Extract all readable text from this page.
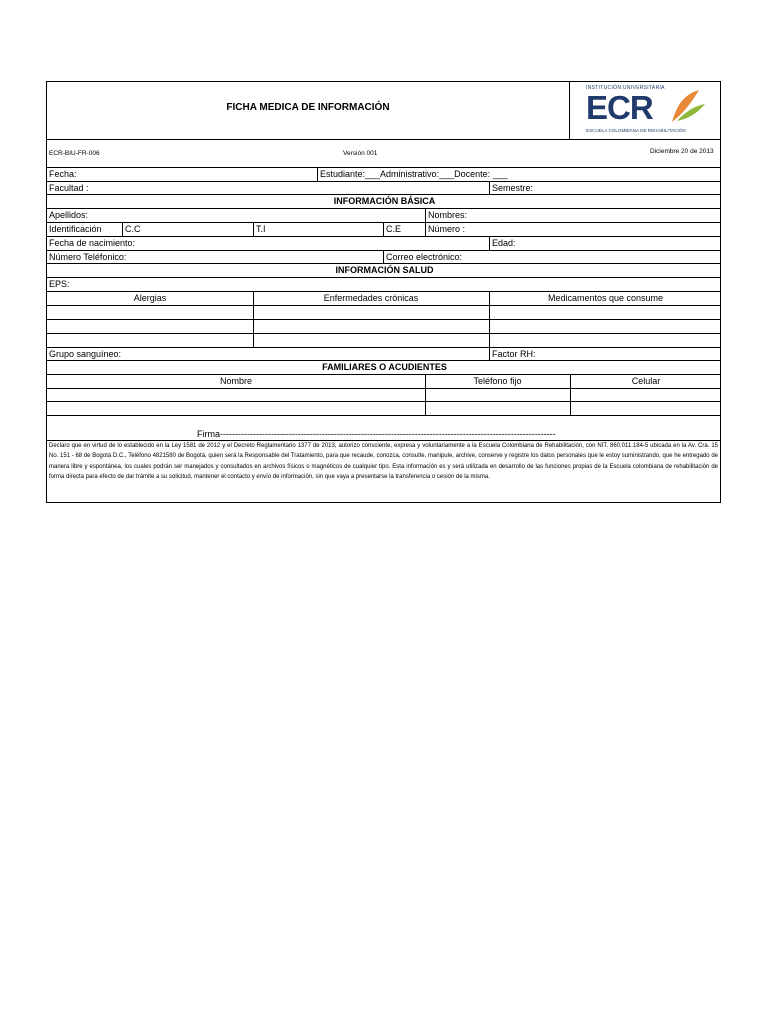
FICHA MEDICA DE INFORMACIÓN
INSTITUCIÓN UNIVERSITARIA
ECR
ESCUELA COLOMBIANA DE REHABILITACIÓN
ECR-BIU-FR-006	Versión 001	Diciembre 20 de 2013
Fecha:	Estudiante:___Administrativo:___Docente: ___
Facultad :	Semestre:
INFORMACIÓN BÁSICA
Apellidos:	Nombres:
Identificación	C.C	T.I	C.E	Número :
Fecha de nacimiento:	Edad:
Número Teléfonico:	Correo electrónico:
INFORMACIÓN SALUD
EPS:
Alergias	Enfermedades crónicas	Medicamentos que consume
Grupo sanguíneo:	Factor RH:
FAMILIARES O ACUDIENTES
Nombre	Teléfono fijo	Celular
Firma----------------------------------------------------------------------------------------------------------------
Declaro que en virtud de lo establecido en la Ley 1581 de 2012 y el Decreto Reglamentario 1377 de 2013, autorizo consciente, expresa y voluntariamente a la Escuela Colombiana de Rehabilitación, con NIT. 860.011.184-5 ubicada en la Av. Cra. 15 No. 151 - 68 de Bogotá D.C., Teléfono 4821580 de Bogotá, quien será la Responsable del Tratamiento, para que recaude, conozca, consulte, manipule, archive, conserve y registre los datos personales que le estoy suministrando, que he entregado de manera libre y espontánea, los cuales podrán ser manejados y consultados en archivos físicos o magnéticos de cualquier tipo. Esta información es y será utilizada en desarrollo de las funciones propias de la Escuela colombiana de rehabilitación de forma directa para efecto de dar trámite a su solicitud, mantener el contacto y envío de información, sin que vaya a presentarse la transferencia o cesión de la misma.
